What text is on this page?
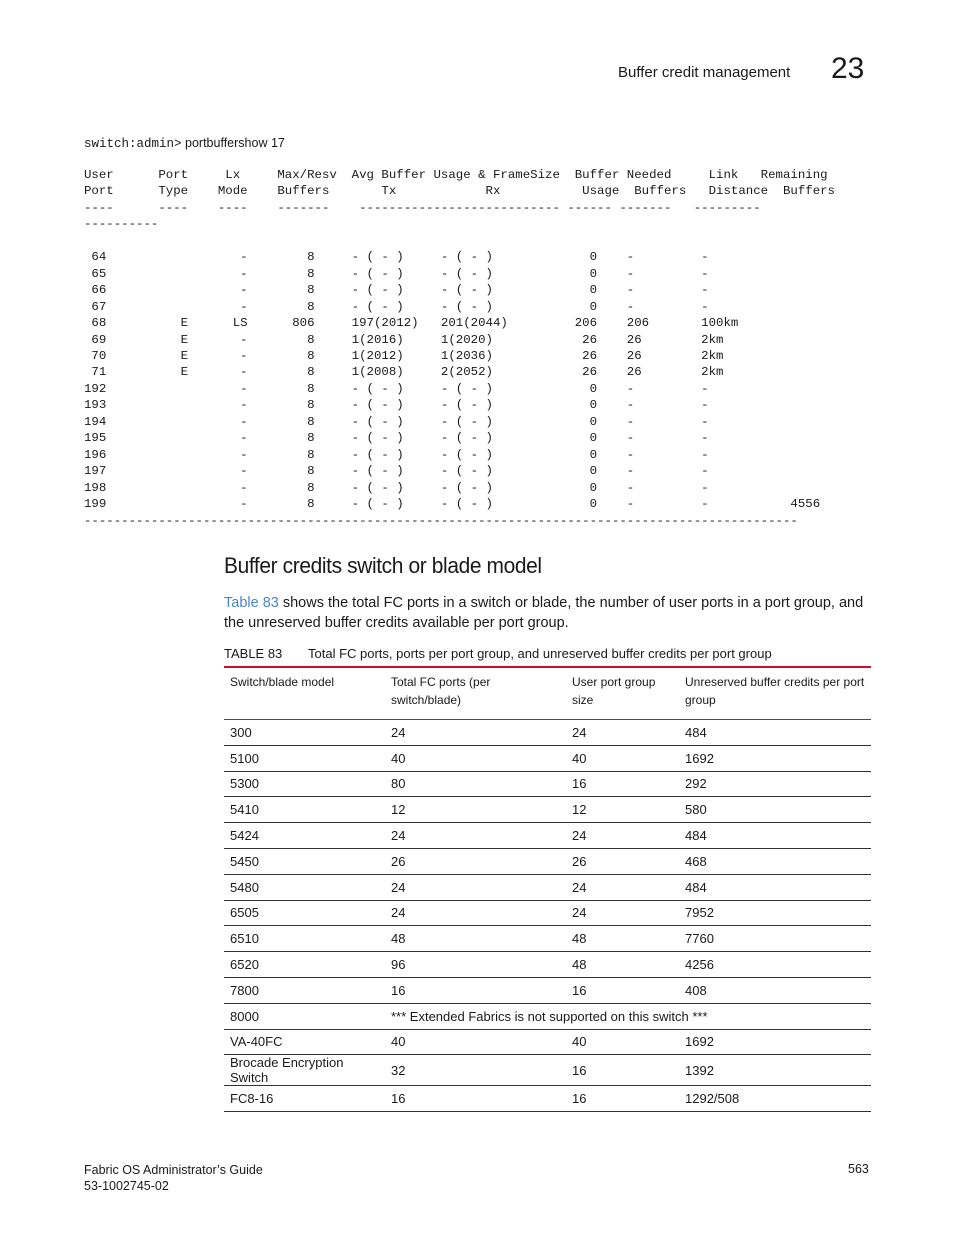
Buffer credit management 23
switch:admin> portbuffershow 17
User      Port     Lx     Max/Resv  Avg Buffer Usage & FrameSize  Buffer Needed     Link   Remaining
Port      Type    Mode    Buffers       Tx            Rx           Usage  Buffers   Distance  Buffers
----      ----    ----    -------    --------------------------- ------ -------   ---------
----------

64                  -        8     - ( - )     - ( - )             0    -         -
65                  -        8     - ( - )     - ( - )             0    -         -
66                  -        8     - ( - )     - ( - )             0    -         -
67                  -        8     - ( - )     - ( - )             0    -         -
68          E      LS      806     197(2012)   201(2044)         206    206       100km
69          E       -        8     1(2016)     1(2020)            26    26        2km
70          E       -        8     1(2012)     1(2036)            26    26        2km
71          E       -        8     1(2008)     2(2052)            26    26        2km
192                  -        8     - ( - )     - ( - )             0    -         -
193                  -        8     - ( - )     - ( - )             0    -         -
194                  -        8     - ( - )     - ( - )             0    -         -
195                  -        8     - ( - )     - ( - )             0    -         -
196                  -        8     - ( - )     - ( - )             0    -         -
197                  -        8     - ( - )     - ( - )             0    -         -
198                  -        8     - ( - )     - ( - )             0    -         -
199                  -        8     - ( - )     - ( - )             0    -         -           4556
------------------------------------------------------------------------------------------------

Buffer credits switch or blade model

Table 83 shows the total FC ports in a switch or blade, the number of user ports in a port group, and the unreserved buffer credits available per port group.

TABLE 83 Total FC ports, ports per port group, and unreserved buffer credits per port group
Switch/blade model	Total FC ports (per switch/blade)	User port group size	Unreserved buffer credits per port group
300	24	24	484
5100	40	40	1692
5300	80	16	292
5410	12	12	580
5424	24	24	484
5450	26	26	468
5480	24	24	484
6505	24	24	7952
6510	48	48	7760
6520	96	48	4256
7800	16	16	408
8000	*** Extended Fabrics is not supported on this switch ***		
VA-40FC	40	40	1692
Brocade Encryption Switch	32	16	1392
FC8-16	16	16	1292/508
Fabric OS Administrator’s Guide
53-1002745-02
563
